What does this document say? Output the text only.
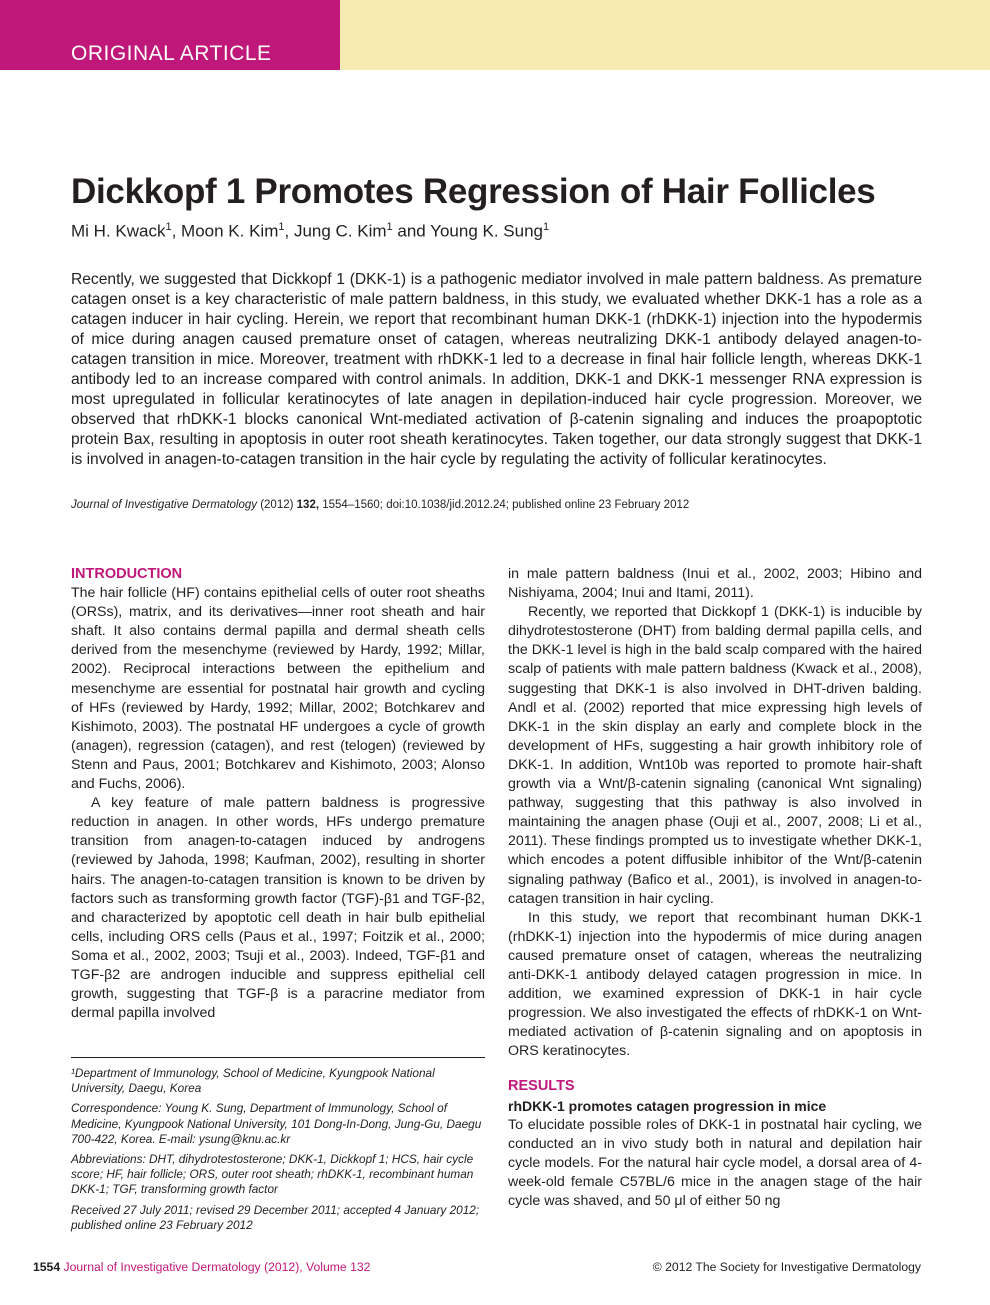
ORIGINAL ARTICLE
Dickkopf 1 Promotes Regression of Hair Follicles
Mi H. Kwack$^1$, Moon K. Kim$^1$, Jung C. Kim$^1$ and Young K. Sung$^1$

Recently, we suggested that Dickkopf 1 (DKK-1) is a pathogenic mediator involved in male pattern baldness. As premature catagen onset is a key characteristic of male pattern baldness, in this study, we evaluated whether DKK-1 has a role as a catagen inducer in hair cycling. Herein, we report that recombinant human DKK-1 (rhDKK-1) injection into the hypodermis of mice during anagen caused premature onset of catagen, whereas neutralizing DKK-1 antibody delayed anagen-to-catagen transition in mice. Moreover, treatment with rhDKK-1 led to a decrease in final hair follicle length, whereas DKK-1 antibody led to an increase compared with control animals. In addition, DKK-1 and DKK-1 messenger RNA expression is most upregulated in follicular keratinocytes of late anagen in depilation-induced hair cycle progression. Moreover, we observed that rhDKK-1 blocks canonical Wnt-mediated activation of β-catenin signaling and induces the proapoptotic protein Bax, resulting in apoptosis in outer root sheath keratinocytes. Taken together, our data strongly suggest that DKK-1 is involved in anagen-to-catagen transition in the hair cycle by regulating the activity of follicular keratinocytes.

Journal of Investigative Dermatology (2012) 132, 1554–1560; doi:10.1038/jid.2012.24; published online 23 February 2012

INTRODUCTION

The hair follicle (HF) contains epithelial cells of outer root sheaths (ORSs), matrix, and its derivatives—inner root sheath and hair shaft. It also contains dermal papilla and dermal sheath cells derived from the mesenchyme (reviewed by Hardy, 1992; Millar, 2002). Reciprocal interactions between the epithelium and mesenchyme are essential for postnatal hair growth and cycling of HFs (reviewed by Hardy, 1992; Millar, 2002; Botchkarev and Kishimoto, 2003). The postnatal HF undergoes a cycle of growth (anagen), regression (catagen), and rest (telogen) (reviewed by Stenn and Paus, 2001; Botchkarev and Kishimoto, 2003; Alonso and Fuchs, 2006).

A key feature of male pattern baldness is progressive reduction in anagen. In other words, HFs undergo premature transition from anagen-to-catagen induced by androgens (reviewed by Jahoda, 1998; Kaufman, 2002), resulting in shorter hairs. The anagen-to-catagen transition is known to be driven by factors such as transforming growth factor (TGF)-β1 and TGF-β2, and characterized by apoptotic cell death in hair bulb epithelial cells, including ORS cells (Paus et al., 1997; Foitzik et al., 2000; Soma et al., 2002, 2003; Tsuji et al., 2003). Indeed, TGF-β1 and TGF-β2 are androgen inducible and suppress epithelial cell growth, suggesting that TGF-β is a paracrine mediator from dermal papilla involved

in male pattern baldness (Inui et al., 2002, 2003; Hibino and Nishiyama, 2004; Inui and Itami, 2011).

Recently, we reported that Dickkopf 1 (DKK-1) is inducible by dihydrotestosterone (DHT) from balding dermal papilla cells, and the DKK-1 level is high in the bald scalp compared with the haired scalp of patients with male pattern baldness (Kwack et al., 2008), suggesting that DKK-1 is also involved in DHT-driven balding. Andl et al. (2002) reported that mice expressing high levels of DKK-1 in the skin display an early and complete block in the development of HFs, suggesting a hair growth inhibitory role of DKK-1. In addition, Wnt10b was reported to promote hair-shaft growth via a Wnt/β-catenin signaling (canonical Wnt signaling) pathway, suggesting that this pathway is also involved in maintaining the anagen phase (Ouji et al., 2007, 2008; Li et al., 2011). These findings prompted us to investigate whether DKK-1, which encodes a potent diffusible inhibitor of the Wnt/β-catenin signaling pathway (Bafico et al., 2001), is involved in anagen-to-catagen transition in hair cycling.

In this study, we report that recombinant human DKK-1 (rhDKK-1) injection into the hypodermis of mice during anagen caused premature onset of catagen, whereas the neutralizing anti-DKK-1 antibody delayed catagen progression in mice. In addition, we examined expression of DKK-1 in hair cycle progression. We also investigated the effects of rhDKK-1 on Wnt-mediated activation of β-catenin signaling and on apoptosis in ORS keratinocytes.

RESULTS

rhDKK-1 promotes catagen progression in mice

To elucidate possible roles of DKK-1 in postnatal hair cycling, we conducted an in vivo study both in natural and depilation hair cycle models. For the natural hair cycle model, a dorsal area of 4-week-old female C57BL/6 mice in the anagen stage of the hair cycle was shaved, and 50 μl of either 50 ng

¹Department of Immunology, School of Medicine, Kyungpook National University, Daegu, Korea

Correspondence: Young K. Sung, Department of Immunology, School of Medicine, Kyungpook National University, 101 Dong-In-Dong, Jung-Gu, Daegu 700-422, Korea. E-mail: ysung@knu.ac.kr

Abbreviations: DHT, dihydrotestosterone; DKK-1, Dickkopf 1; HCS, hair cycle score; HF, hair follicle; ORS, outer root sheath; rhDKK-1, recombinant human DKK-1; TGF, transforming growth factor

Received 27 July 2011; revised 29 December 2011; accepted 4 January 2012; published online 23 February 2012

1554 Journal of Investigative Dermatology (2012), Volume 132	© 2012 The Society for Investigative Dermatology
